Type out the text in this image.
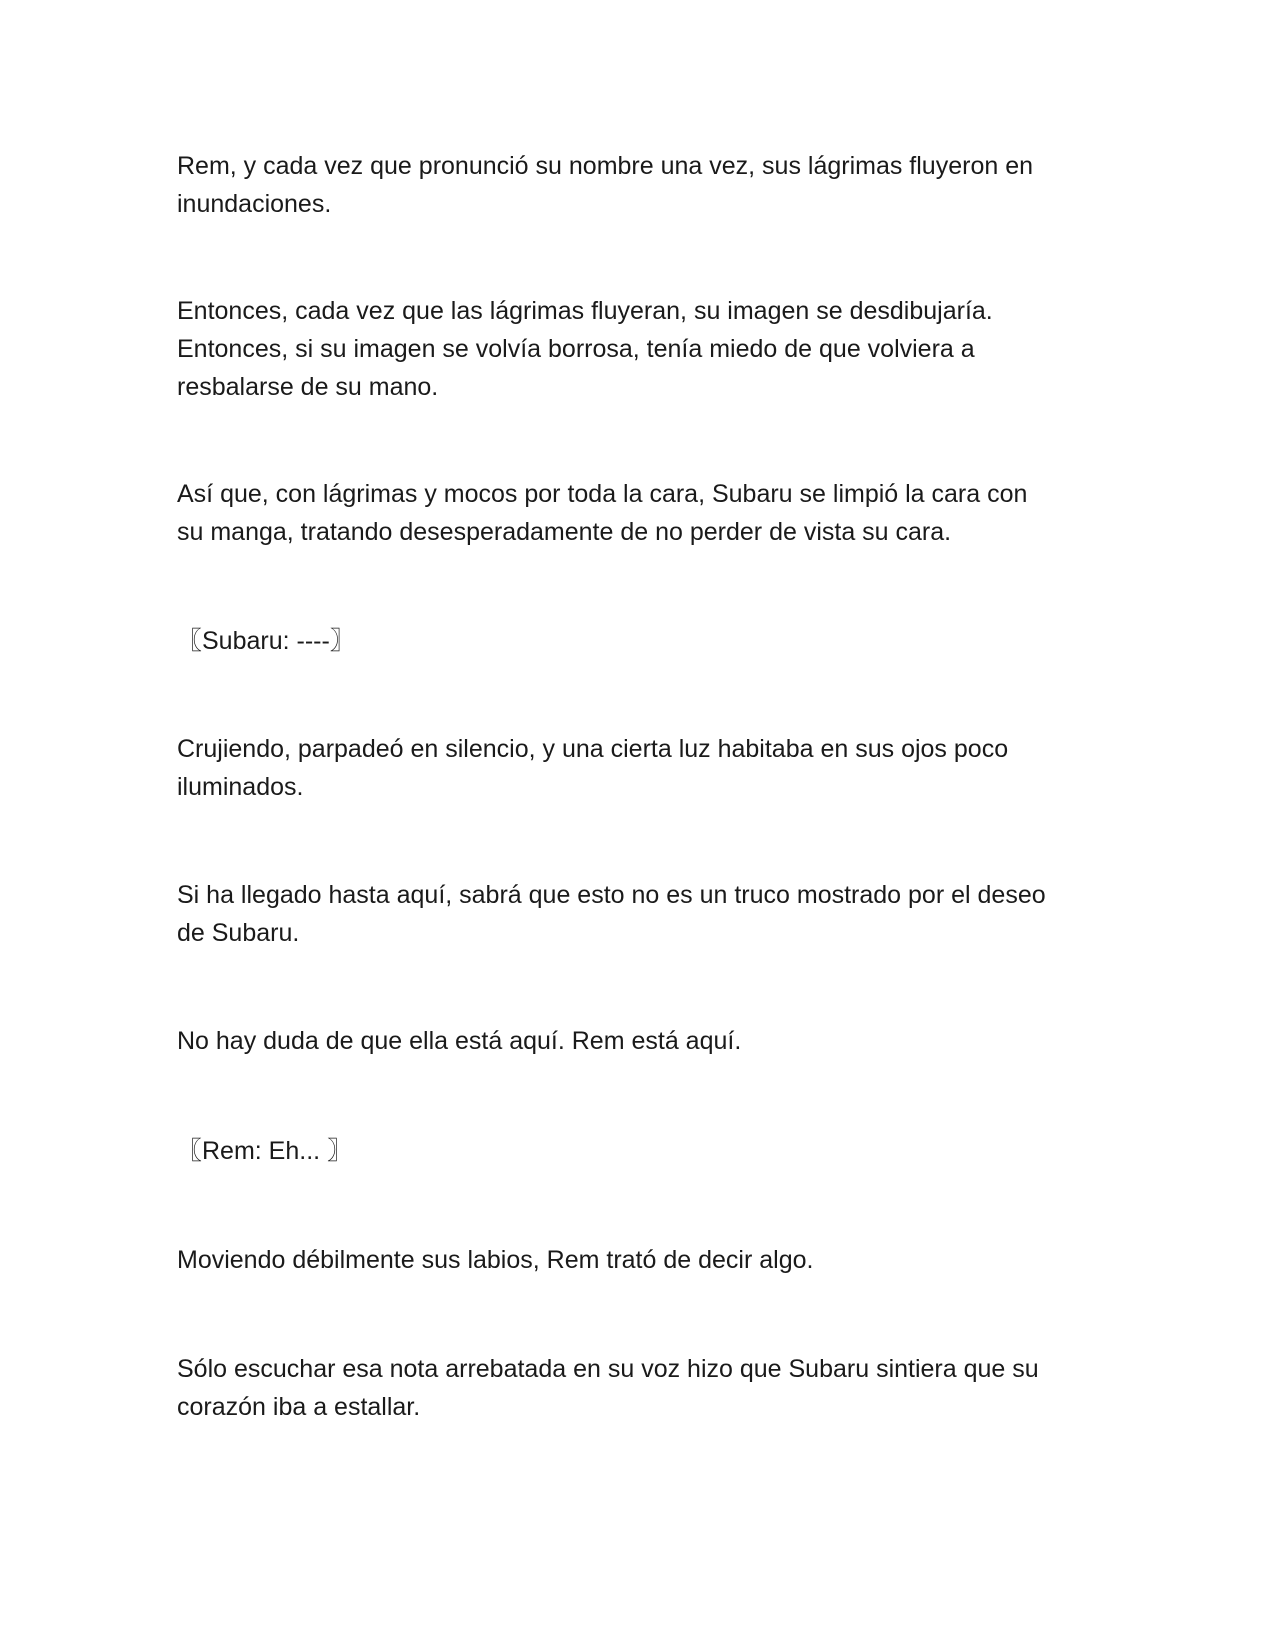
Rem, y cada vez que pronunció su nombre una vez, sus lágrimas fluyeron en
inundaciones.

Entonces, cada vez que las lágrimas fluyeran, su imagen se desdibujaría.
Entonces, si su imagen se volvía borrosa, tenía miedo de que volviera a
resbalarse de su mano.

Así que, con lágrimas y mocos por toda la cara, Subaru se limpió la cara con
su manga, tratando desesperadamente de no perder de vista su cara.

〖Subaru: ----〗

Crujiendo, parpadeó en silencio, y una cierta luz habitaba en sus ojos poco
iluminados.

Si ha llegado hasta aquí, sabrá que esto no es un truco mostrado por el deseo
de Subaru.

No hay duda de que ella está aquí. Rem está aquí.

〖Rem: Eh... 〗

Moviendo débilmente sus labios, Rem trató de decir algo.

Sólo escuchar esa nota arrebatada en su voz hizo que Subaru sintiera que su
corazón iba a estallar.
